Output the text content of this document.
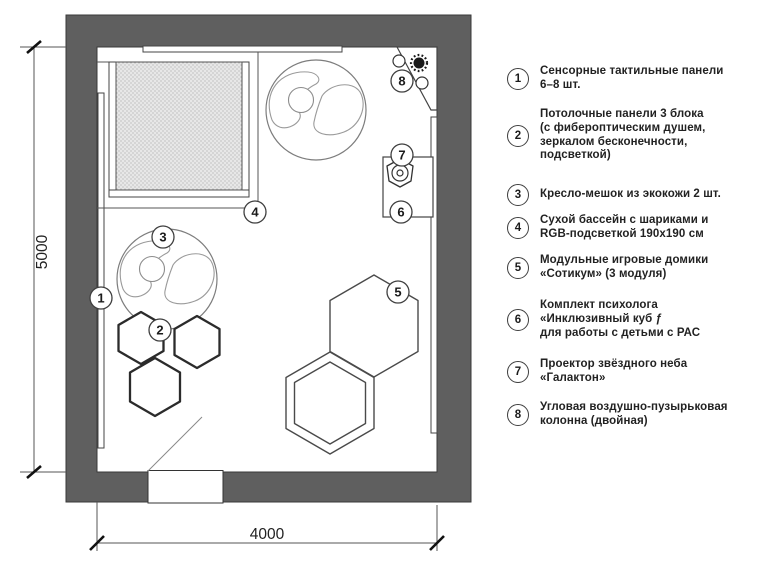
5000
4000
1
2
3
4
5
6
7
8	1
Сенсорные тактильные панели
6–8 шт.
2
Потолочные панели 3 блока
(с фибероптическим душем,
зеркалом бесконечности,
подсветкой)
3 Кресло-мешок из экокожи 2 шт.
4
Сухой бассейн с шариками и
RGB-подсветкой 190x190 см
5
Модульные игровые домики
«Сотикум» (3 модуля)
6
Комплект психолога
«Инклюзивный куб ƒ
для работы с детьми с РАС
7
Проектор звёздного неба
«Галактон»
8
Угловая воздушно-пузырьковая
колонна (двойная)
